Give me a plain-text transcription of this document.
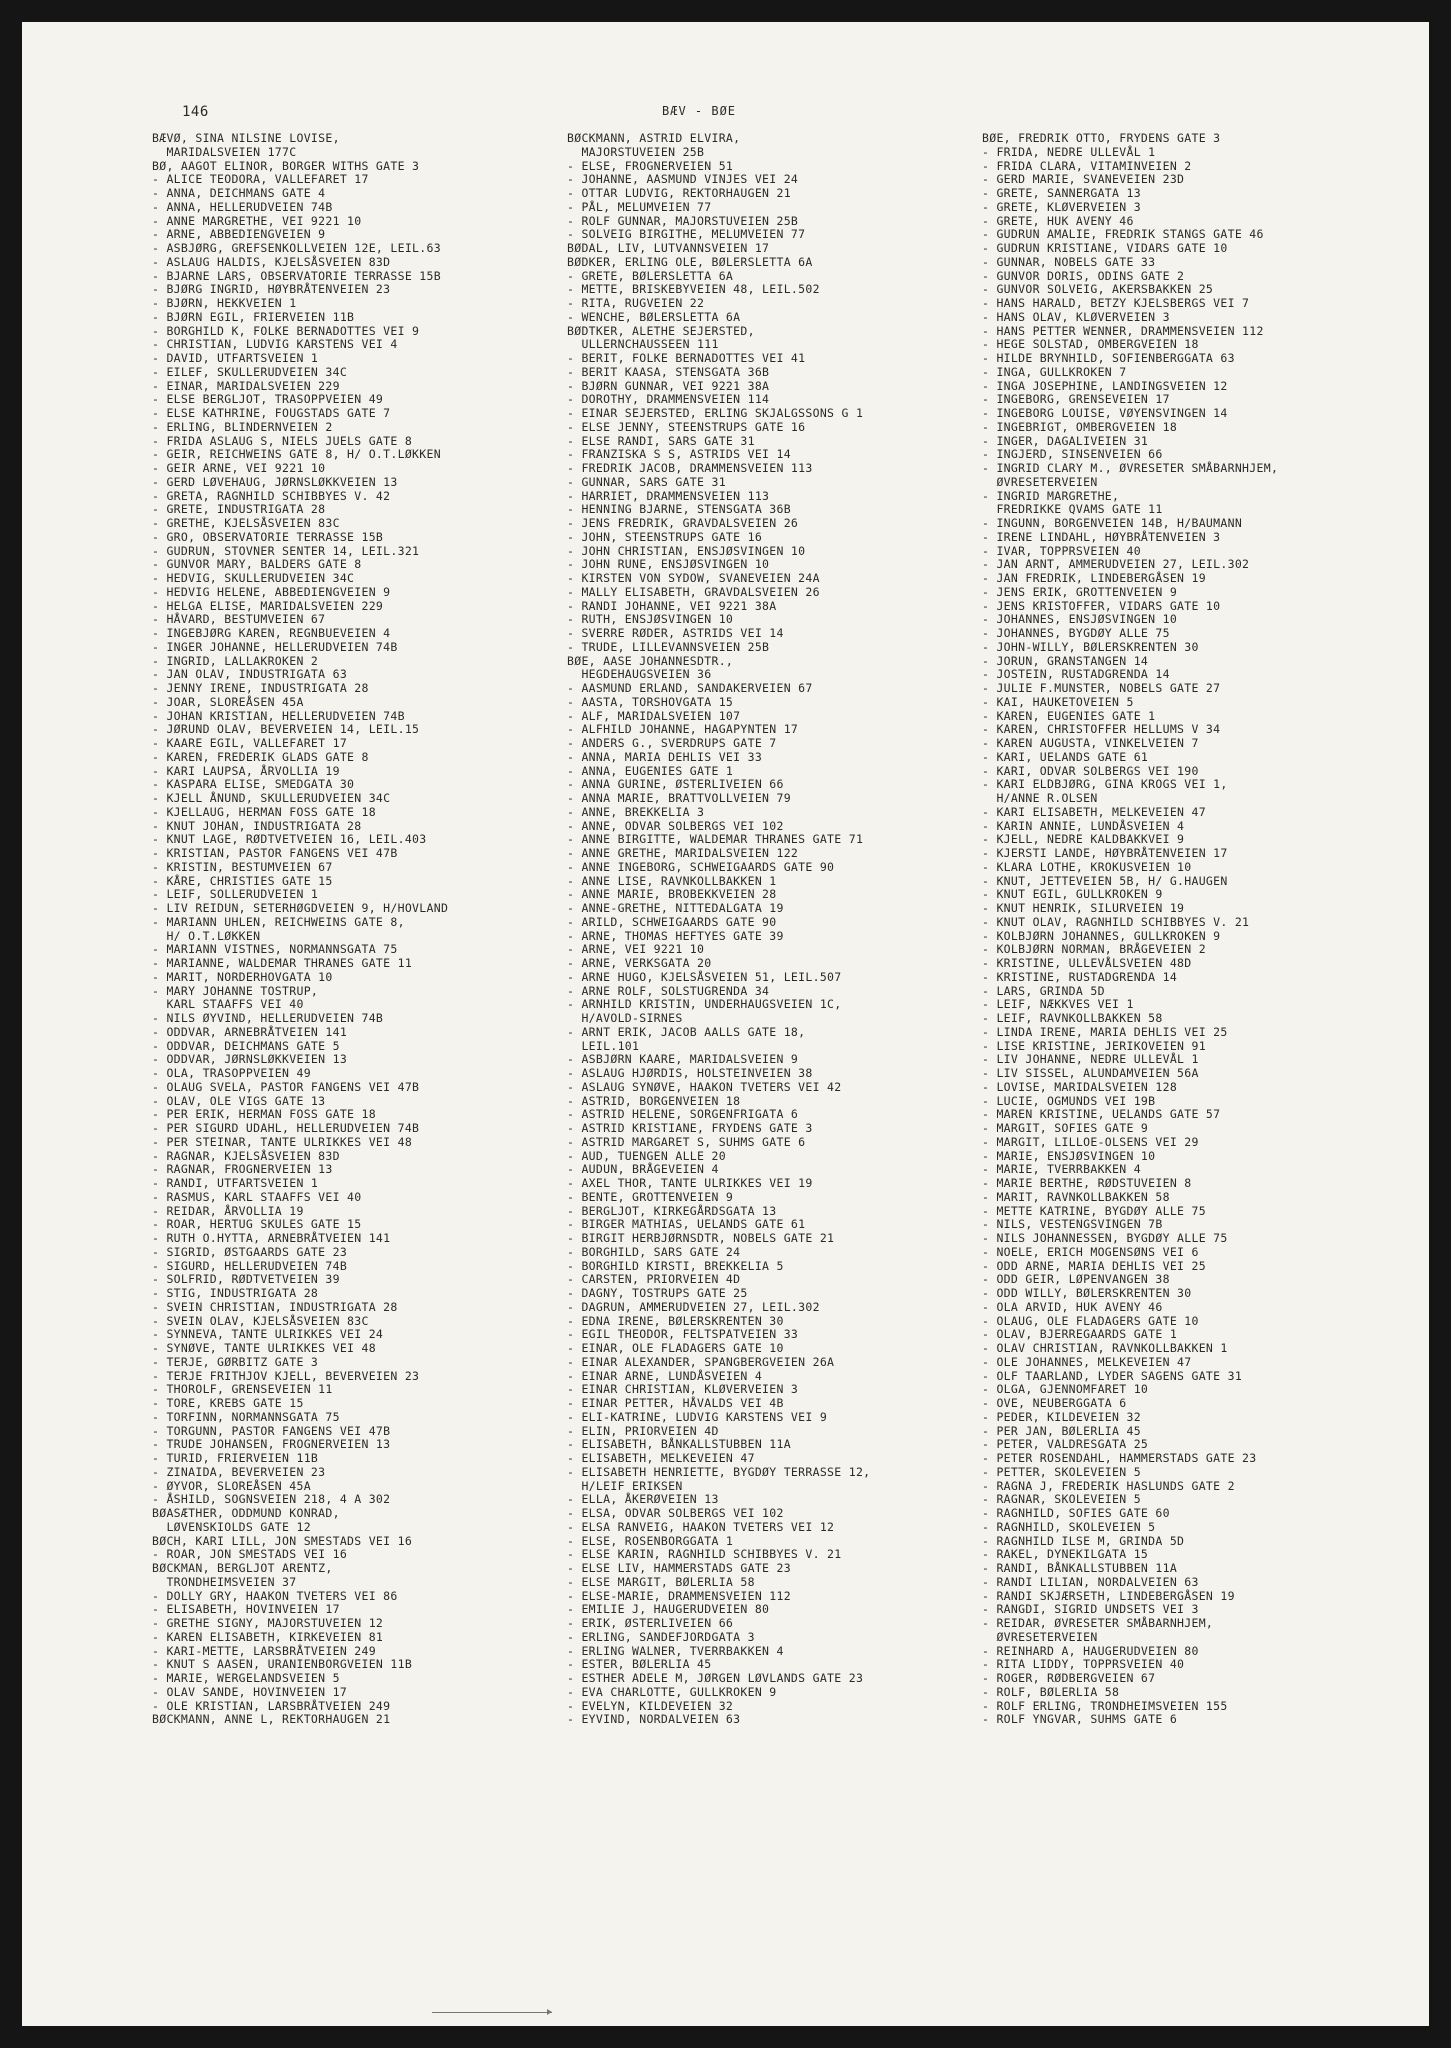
146	BÆV - BØE
BÆVØ, SINA NILSINE LOVISE,
MARIDALSVEIEN 177C
BØ, AAGOT ELINOR, BORGER WITHS GATE 3
- ALICE TEODORA, VALLEFARET 17
- ANNA, DEICHMANS GATE 4
- ANNA, HELLERUDVEIEN 74B
- ANNE MARGRETHE, VEI 9221 10
- ARNE, ABBEDIENGVEIEN 9
- ASBJØRG, GREFSENKOLLVEIEN 12E, LEIL.63
- ASLAUG HALDIS, KJELSÅSVEIEN 83D
- BJARNE LARS, OBSERVATORIE TERRASSE 15B
- BJØRG INGRID, HØYBRÅTENVEIEN 23
- BJØRN, HEKKVEIEN 1
- BJØRN EGIL, FRIERVEIEN 11B
- BORGHILD K, FOLKE BERNADOTTES VEI 9
- CHRISTIAN, LUDVIG KARSTENS VEI 4
- DAVID, UTFARTSVEIEN 1
- EILEF, SKULLERUDVEIEN 34C
- EINAR, MARIDALSVEIEN 229
- ELSE BERGLJOT, TRASOPPVEIEN 49
- ELSE KATHRINE, FOUGSTADS GATE 7
- ERLING, BLINDERNVEIEN 2
- FRIDA ASLAUG S, NIELS JUELS GATE 8
- GEIR, REICHWEINS GATE 8, H/ O.T.LØKKEN
- GEIR ARNE, VEI 9221 10
- GERD LØVEHAUG, JØRNSLØKKVEIEN 13
- GRETA, RAGNHILD SCHIBBYES V. 42
- GRETE, INDUSTRIGATA 28
- GRETHE, KJELSÅSVEIEN 83C
- GRO, OBSERVATORIE TERRASSE 15B
- GUDRUN, STOVNER SENTER 14, LEIL.321
- GUNVOR MARY, BALDERS GATE 8
- HEDVIG, SKULLERUDVEIEN 34C
- HEDVIG HELENE, ABBEDIENGVEIEN 9
- HELGA ELISE, MARIDALSVEIEN 229
- HÅVARD, BESTUMVEIEN 67
- INGEBJØRG KAREN, REGNBUEVEIEN 4
- INGER JOHANNE, HELLERUDVEIEN 74B
- INGRID, LALLAKROKEN 2
- JAN OLAV, INDUSTRIGATA 63
- JENNY IRENE, INDUSTRIGATA 28
- JOAR, SLOREÅSEN 45A
- JOHAN KRISTIAN, HELLERUDVEIEN 74B
- JØRUND OLAV, BEVERVEIEN 14, LEIL.15
- KAARE EGIL, VALLEFARET 17
- KAREN, FREDERIK GLADS GATE 8
- KARI LAUPSA, ÅRVOLLIA 19
- KASPARA ELISE, SMEDGATA 30
- KJELL ÅNUND, SKULLERUDVEIEN 34C
- KJELLAUG, HERMAN FOSS GATE 18
- KNUT JOHAN, INDUSTRIGATA 28
- KNUT LAGE, RØDTVETVEIEN 16, LEIL.403
- KRISTIAN, PASTOR FANGENS VEI 47B
- KRISTIN, BESTUMVEIEN 67
- KÅRE, CHRISTIES GATE 15
- LEIF, SOLLERUDVEIEN 1
- LIV REIDUN, SETERHØGDVEIEN 9, H/HOVLAND
- MARIANN UHLEN, REICHWEINS GATE 8,
H/ O.T.LØKKEN
- MARIANN VISTNES, NORMANNSGATA 75
- MARIANNE, WALDEMAR THRANES GATE 11
- MARIT, NORDERHOVGATA 10
- MARY JOHANNE TOSTRUP,
KARL STAAFFS VEI 40
- NILS ØYVIND, HELLERUDVEIEN 74B
- ODDVAR, ARNEBRÅTVEIEN 141
- ODDVAR, DEICHMANS GATE 5
- ODDVAR, JØRNSLØKKVEIEN 13
- OLA, TRASOPPVEIEN 49
- OLAUG SVELA, PASTOR FANGENS VEI 47B
- OLAV, OLE VIGS GATE 13
- PER ERIK, HERMAN FOSS GATE 18
- PER SIGURD UDAHL, HELLERUDVEIEN 74B
- PER STEINAR, TANTE ULRIKKES VEI 48
- RAGNAR, KJELSÅSVEIEN 83D
- RAGNAR, FROGNERVEIEN 13
- RANDI, UTFARTSVEIEN 1
- RASMUS, KARL STAAFFS VEI 40
- REIDAR, ÅRVOLLIA 19
- ROAR, HERTUG SKULES GATE 15
- RUTH O.HYTTA, ARNEBRÅTVEIEN 141
- SIGRID, ØSTGAARDS GATE 23
- SIGURD, HELLERUDVEIEN 74B
- SOLFRID, RØDTVETVEIEN 39
- STIG, INDUSTRIGATA 28
- SVEIN CHRISTIAN, INDUSTRIGATA 28
- SVEIN OLAV, KJELSÅSVEIEN 83C
- SYNNEVA, TANTE ULRIKKES VEI 24
- SYNØVE, TANTE ULRIKKES VEI 48
- TERJE, GØRBITZ GATE 3
- TERJE FRITHJOV KJELL, BEVERVEIEN 23
- THOROLF, GRENSEVEIEN 11
- TORE, KREBS GATE 15
- TORFINN, NORMANNSGATA 75
- TORGUNN, PASTOR FANGENS VEI 47B
- TRUDE JOHANSEN, FROGNERVEIEN 13
- TURID, FRIERVEIEN 11B
- ZINAIDA, BEVERVEIEN 23
- ØYVOR, SLOREÅSEN 45A
- ÅSHILD, SOGNSVEIEN 218, 4 A 302
BØASÆTHER, ODDMUND KONRAD,
LØVENSKIOLDS GATE 12
BØCH, KARI LILL, JON SMESTADS VEI 16
- ROAR, JON SMESTADS VEI 16
BØCKMAN, BERGLJOT ARENTZ,
TRONDHEIMSVEIEN 37
- DOLLY GRY, HAAKON TVETERS VEI 86
- ELISABETH, HOVINVEIEN 17
- GRETHE SIGNY, MAJORSTUVEIEN 12
- KAREN ELISABETH, KIRKEVEIEN 81
- KARI-METTE, LARSBRÅTVEIEN 249
- KNUT S AASEN, URANIENBORGVEIEN 11B
- MARIE, WERGELANDSVEIEN 5
- OLAV SANDE, HOVINVEIEN 17
- OLE KRISTIAN, LARSBRÅTVEIEN 249
BØCKMANN, ANNE L, REKTORHAUGEN 21
BØCKMANN, ASTRID ELVIRA,
MAJORSTUVEIEN 25B
- ELSE, FROGNERVEIEN 51
- JOHANNE, AASMUND VINJES VEI 24
- OTTAR LUDVIG, REKTORHAUGEN 21
- PÅL, MELUMVEIEN 77
- ROLF GUNNAR, MAJORSTUVEIEN 25B
- SOLVEIG BIRGITHE, MELUMVEIEN 77
BØDAL, LIV, LUTVANNSVEIEN 17
BØDKER, ERLING OLE, BØLERSLETTA 6A
- GRETE, BØLERSLETTA 6A
- METTE, BRISKEBYVEIEN 48, LEIL.502
- RITA, RUGVEIEN 22
- WENCHE, BØLERSLETTA 6A
BØDTKER, ALETHE SEJERSTED,
ULLERNCHAUSSEEN 111
- BERIT, FOLKE BERNADOTTES VEI 41
- BERIT KAASA, STENSGATA 36B
- BJØRN GUNNAR, VEI 9221 38A
- DOROTHY, DRAMMENSVEIEN 114
- EINAR SEJERSTED, ERLING SKJALGSSONS G 1
- ELSE JENNY, STEENSTRUPS GATE 16
- ELSE RANDI, SARS GATE 31
- FRANZISKA S S, ASTRIDS VEI 14
- FREDRIK JACOB, DRAMMENSVEIEN 113
- GUNNAR, SARS GATE 31
- HARRIET, DRAMMENSVEIEN 113
- HENNING BJARNE, STENSGATA 36B
- JENS FREDRIK, GRAVDALSVEIEN 26
- JOHN, STEENSTRUPS GATE 16
- JOHN CHRISTIAN, ENSJØSVINGEN 10
- JOHN RUNE, ENSJØSVINGEN 10
- KIRSTEN VON SYDOW, SVANEVEIEN 24A
- MALLY ELISABETH, GRAVDALSVEIEN 26
- RANDI JOHANNE, VEI 9221 38A
- RUTH, ENSJØSVINGEN 10
- SVERRE RØDER, ASTRIDS VEI 14
- TRUDE, LILLEVANNSVEIEN 25B
BØE, AASE JOHANNESDTR.,
HEGDEHAUGSVEIEN 36
- AASMUND ERLAND, SANDAKERVEIEN 67
- AASTA, TORSHOVGATA 15
- ALF, MARIDALSVEIEN 107
- ALFHILD JOHANNE, HAGAPYNTEN 17
- ANDERS G., SVERDRUPS GATE 7
- ANNA, MARIA DEHLIS VEI 33
- ANNA, EUGENIES GATE 1
- ANNA GURINE, ØSTERLIVEIEN 66
- ANNA MARIE, BRATTVOLLVEIEN 79
- ANNE, BREKKELIA 3
- ANNE, ODVAR SOLBERGS VEI 102
- ANNE BIRGITTE, WALDEMAR THRANES GATE 71
- ANNE GRETHE, MARIDALSVEIEN 122
- ANNE INGEBORG, SCHWEIGAARDS GATE 90
- ANNE LISE, RAVNKOLLBAKKEN 1
- ANNE MARIE, BROBEKKVEIEN 28
- ANNE-GRETHE, NITTEDALGATA 19
- ARILD, SCHWEIGAARDS GATE 90
- ARNE, THOMAS HEFTYES GATE 39
- ARNE, VEI 9221 10
- ARNE, VERKSGATA 20
- ARNE HUGO, KJELSÅSVEIEN 51, LEIL.507
- ARNE ROLF, SOLSTUGRENDA 34
- ARNHILD KRISTIN, UNDERHAUGSVEIEN 1C,
H/AVOLD-SIRNES
- ARNT ERIK, JACOB AALLS GATE 18,
LEIL.101
- ASBJØRN KAARE, MARIDALSVEIEN 9
- ASLAUG HJØRDIS, HOLSTEINVEIEN 38
- ASLAUG SYNØVE, HAAKON TVETERS VEI 42
- ASTRID, BORGENVEIEN 18
- ASTRID HELENE, SORGENFRIGATA 6
- ASTRID KRISTIANE, FRYDENS GATE 3
- ASTRID MARGARET S, SUHMS GATE 6
- AUD, TUENGEN ALLE 20
- AUDUN, BRÅGEVEIEN 4
- AXEL THOR, TANTE ULRIKKES VEI 19
- BENTE, GROTTENVEIEN 9
- BERGLJOT, KIRKEGÅRDSGATA 13
- BIRGER MATHIAS, UELANDS GATE 61
- BIRGIT HERBJØRNSDTR, NOBELS GATE 21
- BORGHILD, SARS GATE 24
- BORGHILD KIRSTI, BREKKELIA 5
- CARSTEN, PRIORVEIEN 4D
- DAGNY, TOSTRUPS GATE 25
- DAGRUN, AMMERUDVEIEN 27, LEIL.302
- EDNA IRENE, BØLERSKRENTEN 30
- EGIL THEODOR, FELTSPATVEIEN 33
- EINAR, OLE FLADAGERS GATE 10
- EINAR ALEXANDER, SPANGBERGVEIEN 26A
- EINAR ARNE, LUNDÅSVEIEN 4
- EINAR CHRISTIAN, KLØVERVEIEN 3
- EINAR PETTER, HÅVALDS VEI 4B
- ELI-KATRINE, LUDVIG KARSTENS VEI 9
- ELIN, PRIORVEIEN 4D
- ELISABETH, BÅNKALLSTUBBEN 11A
- ELISABETH, MELKEVEIEN 47
- ELISABETH HENRIETTE, BYGDØY TERRASSE 12,
H/LEIF ERIKSEN
- ELLA, ÅKERØVEIEN 13
- ELSA, ODVAR SOLBERGS VEI 102
- ELSA RANVEIG, HAAKON TVETERS VEI 12
- ELSE, ROSENBORGGATA 1
- ELSE KARIN, RAGNHILD SCHIBBYES V. 21
- ELSE LIV, HAMMERSTADS GATE 23
- ELSE MARGIT, BØLERLIA 58
- ELSE-MARIE, DRAMMENSVEIEN 112
- EMILIE J, HAUGERUDVEIEN 80
- ERIK, ØSTERLIVEIEN 66
- ERLING, SANDEFJORDGATA 3
- ERLING WALNER, TVERRBAKKEN 4
- ESTER, BØLERLIA 45
- ESTHER ADELE M, JØRGEN LØVLANDS GATE 23
- EVA CHARLOTTE, GULLKROKEN 9
- EVELYN, KILDEVEIEN 32
- EYVIND, NORDALVEIEN 63
BØE, FREDRIK OTTO, FRYDENS GATE 3
- FRIDA, NEDRE ULLEVÅL 1
- FRIDA CLARA, VITAMINVEIEN 2
- GERD MARIE, SVANEVEIEN 23D
- GRETE, SANNERGATA 13
- GRETE, KLØVERVEIEN 3
- GRETE, HUK AVENY 46
- GUDRUN AMALIE, FREDRIK STANGS GATE 46
- GUDRUN KRISTIANE, VIDARS GATE 10
- GUNNAR, NOBELS GATE 33
- GUNVOR DORIS, ODINS GATE 2
- GUNVOR SOLVEIG, AKERSBAKKEN 25
- HANS HARALD, BETZY KJELSBERGS VEI 7
- HANS OLAV, KLØVERVEIEN 3
- HANS PETTER WENNER, DRAMMENSVEIEN 112
- HEGE SOLSTAD, OMBERGVEIEN 18
- HILDE BRYNHILD, SOFIENBERGGATA 63
- INGA, GULLKROKEN 7
- INGA JOSEPHINE, LANDINGSVEIEN 12
- INGEBORG, GRENSEVEIEN 17
- INGEBORG LOUISE, VØYENSVINGEN 14
- INGEBRIGT, OMBERGVEIEN 18
- INGER, DAGALIVEIEN 31
- INGJERD, SINSENVEIEN 66
- INGRID CLARY M., ØVRESETER SMÅBARNHJEM,
ØVRESETERVEIEN
- INGRID MARGRETHE,
FREDRIKKE QVAMS GATE 11
- INGUNN, BORGENVEIEN 14B, H/BAUMANN
- IRENE LINDAHL, HØYBRÅTENVEIEN 3
- IVAR, TOPPRSVEIEN 40
- JAN ARNT, AMMERUDVEIEN 27, LEIL.302
- JAN FREDRIK, LINDEBERGÅSEN 19
- JENS ERIK, GROTTENVEIEN 9
- JENS KRISTOFFER, VIDARS GATE 10
- JOHANNES, ENSJØSVINGEN 10
- JOHANNES, BYGDØY ALLE 75
- JOHN-WILLY, BØLERSKRENTEN 30
- JORUN, GRANSTANGEN 14
- JOSTEIN, RUSTADGRENDA 14
- JULIE F.MUNSTER, NOBELS GATE 27
- KAI, HAUKETOVEIEN 5
- KAREN, EUGENIES GATE 1
- KAREN, CHRISTOFFER HELLUMS V 34
- KAREN AUGUSTA, VINKELVEIEN 7
- KARI, UELANDS GATE 61
- KARI, ODVAR SOLBERGS VEI 190
- KARI ELDBJØRG, GINA KROGS VEI 1,
H/ANNE R.OLSEN
- KARI ELISABETH, MELKEVEIEN 47
- KARIN ANNIE, LUNDÅSVEIEN 4
- KJELL, NEDRE KALDBAKKVEI 9
- KJERSTI LANDE, HØYBRÅTENVEIEN 17
- KLARA LOTHE, KROKUSVEIEN 10
- KNUT, JETTEVEIEN 5B, H/ G.HAUGEN
- KNUT EGIL, GULLKROKEN 9
- KNUT HENRIK, SILURVEIEN 19
- KNUT OLAV, RAGNHILD SCHIBBYES V. 21
- KOLBJØRN JOHANNES, GULLKROKEN 9
- KOLBJØRN NORMAN, BRÅGEVEIEN 2
- KRISTINE, ULLEVÅLSVEIEN 48D
- KRISTINE, RUSTADGRENDA 14
- LARS, GRINDA 5D
- LEIF, NÆKKVES VEI 1
- LEIF, RAVNKOLLBAKKEN 58
- LINDA IRENE, MARIA DEHLIS VEI 25
- LISE KRISTINE, JERIKOVEIEN 91
- LIV JOHANNE, NEDRE ULLEVÅL 1
- LIV SISSEL, ALUNDAMVEIEN 56A
- LOVISE, MARIDALSVEIEN 128
- LUCIE, OGMUNDS VEI 19B
- MAREN KRISTINE, UELANDS GATE 57
- MARGIT, SOFIES GATE 9
- MARGIT, LILLOE-OLSENS VEI 29
- MARIE, ENSJØSVINGEN 10
- MARIE, TVERRBAKKEN 4
- MARIE BERTHE, RØDSTUVEIEN 8
- MARIT, RAVNKOLLBAKKEN 58
- METTE KATRINE, BYGDØY ALLE 75
- NILS, VESTENGSVINGEN 7B
- NILS JOHANNESSEN, BYGDØY ALLE 75
- NOELE, ERICH MOGENSØNS VEI 6
- ODD ARNE, MARIA DEHLIS VEI 25
- ODD GEIR, LØPENVANGEN 38
- ODD WILLY, BØLERSKRENTEN 30
- OLA ARVID, HUK AVENY 46
- OLAUG, OLE FLADAGERS GATE 10
- OLAV, BJERREGAARDS GATE 1
- OLAV CHRISTIAN, RAVNKOLLBAKKEN 1
- OLE JOHANNES, MELKEVEIEN 47
- OLF TAARLAND, LYDER SAGENS GATE 31
- OLGA, GJENNOMFARET 10
- OVE, NEUBERGGATA 6
- PEDER, KILDEVEIEN 32
- PER JAN, BØLERLIA 45
- PETER, VALDRESGATA 25
- PETER ROSENDAHL, HAMMERSTADS GATE 23
- PETTER, SKOLEVEIEN 5
- RAGNA J, FREDERIK HASLUNDS GATE 2
- RAGNAR, SKOLEVEIEN 5
- RAGNHILD, SOFIES GATE 60
- RAGNHILD, SKOLEVEIEN 5
- RAGNHILD ILSE M, GRINDA 5D
- RAKEL, DYNEKILGATA 15
- RANDI, BÅNKALLSTUBBEN 11A
- RANDI LILIAN, NORDALVEIEN 63
- RANDI SKJÆRSETH, LINDEBERGÅSEN 19
- RANGDI, SIGRID UNDSETS VEI 3
- REIDAR, ØVRESETER SMÅBARNHJEM,
ØVRESETERVEIEN
- REINHARD A, HAUGERUDVEIEN 80
- RITA LIDDY, TOPPRSVEIEN 40
- ROGER, RØDBERGVEIEN 67
- ROLF, BØLERLIA 58
- ROLF ERLING, TRONDHEIMSVEIEN 155
- ROLF YNGVAR, SUHMS GATE 6
